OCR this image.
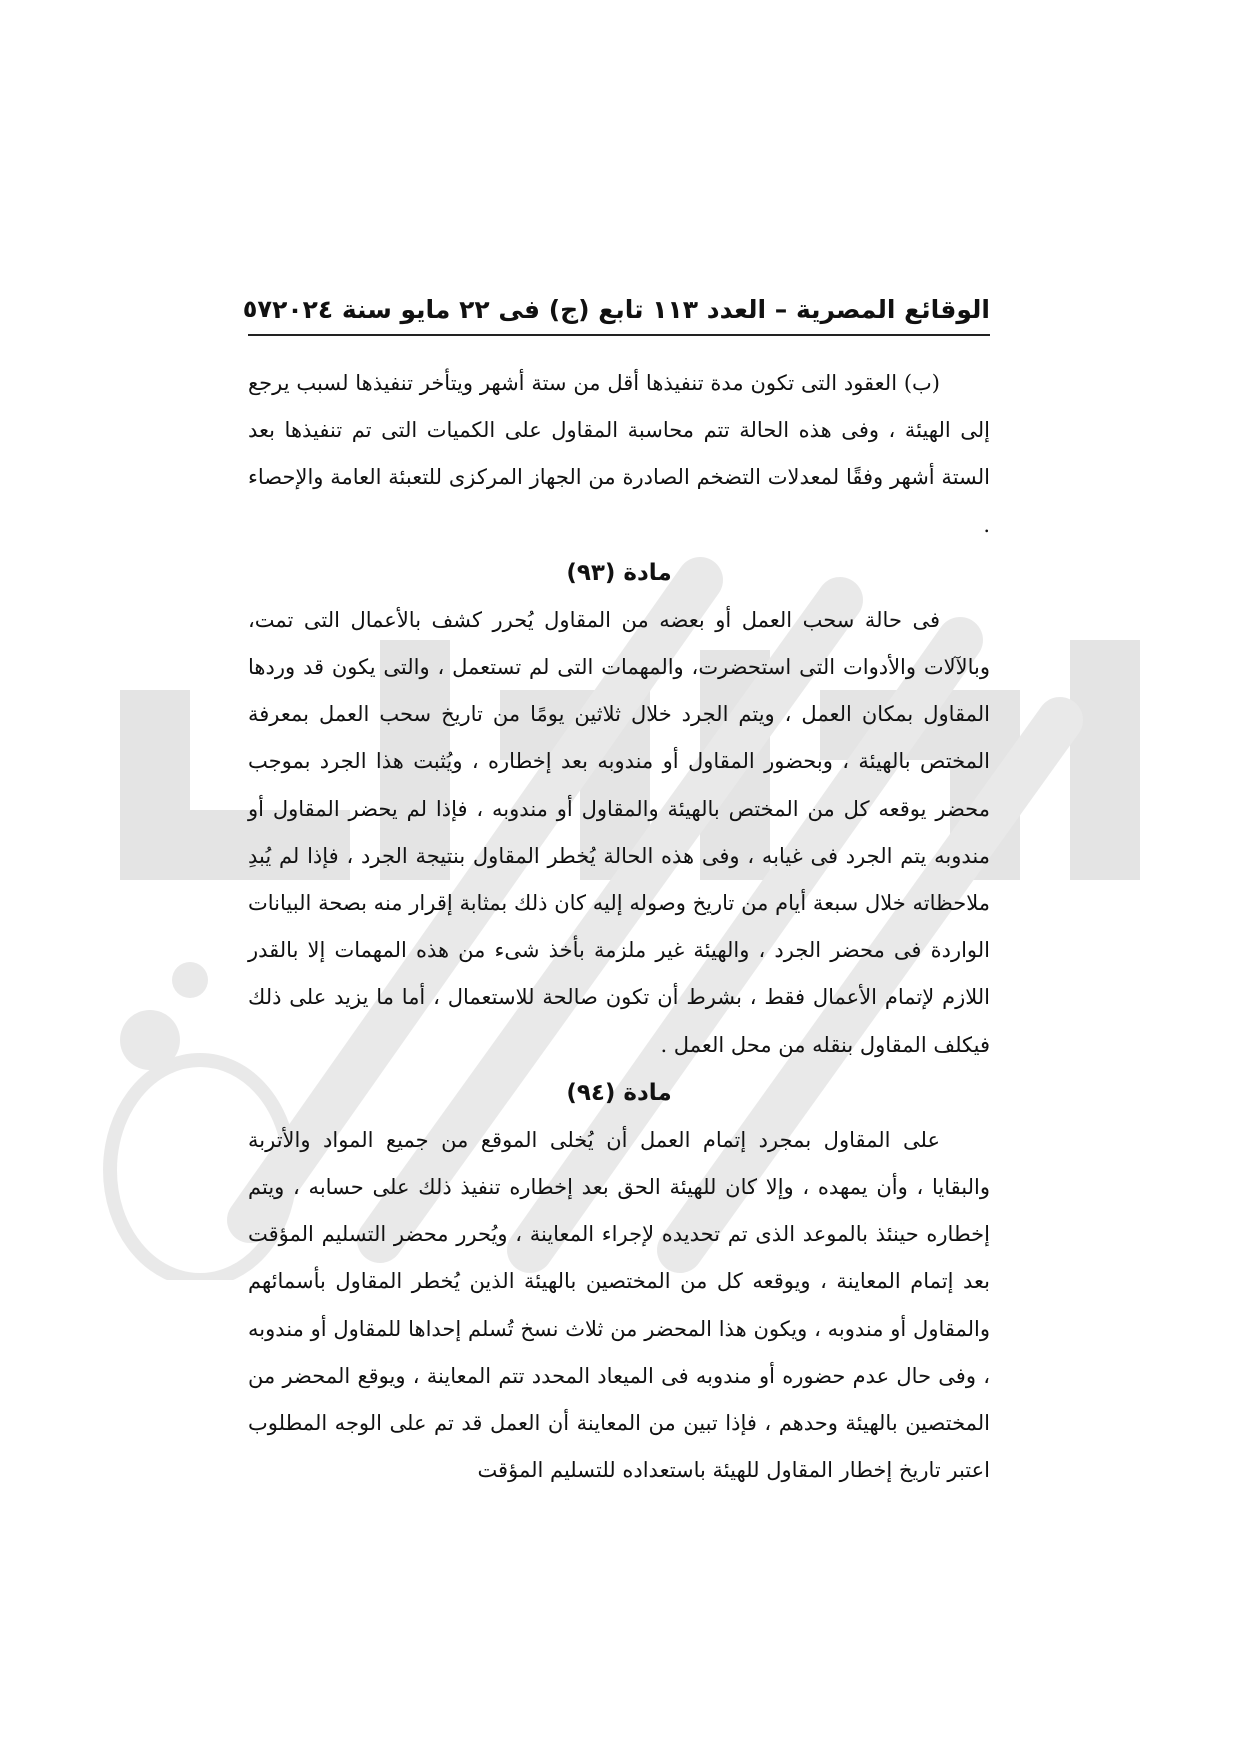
الوقائع المصرية – العدد ١١٣ تابع (ج) فى ٢٢ مايو سنة ٢٠٢٤
٥٧

(ب) العقود التى تكون مدة تنفيذها أقل من ستة أشهر ويتأخر تنفيذها لسبب يرجع إلى الهيئة ، وفى هذه الحالة تتم محاسبة المقاول على الكميات التى تم تنفيذها بعد الستة أشهر وفقًا لمعدلات التضخم الصادرة من الجهاز المركزى للتعبئة العامة والإحصاء .

مادة (٩٣)

فى حالة سحب العمل أو بعضه من المقاول يُحرر كشف بالأعمال التى تمت، وبالآلات والأدوات التى استحضرت، والمهمات التى لم تستعمل ، والتى يكون قد وردها المقاول بمكان العمل ، ويتم الجرد خلال ثلاثين يومًا من تاريخ سحب العمل بمعرفة المختص بالهيئة ، وبحضور المقاول أو مندوبه بعد إخطاره ، ويُثبت هذا الجرد بموجب محضر يوقعه كل من المختص بالهيئة والمقاول أو مندوبه ، فإذا لم يحضر المقاول أو مندوبه يتم الجرد فى غيابه ، وفى هذه الحالة يُخطر المقاول بنتيجة الجرد ، فإذا لم يُبدِ ملاحظاته خلال سبعة أيام من تاريخ وصوله إليه كان ذلك بمثابة إقرار منه بصحة البيانات الواردة فى محضر الجرد ، والهيئة غير ملزمة بأخذ شىء من هذه المهمات إلا بالقدر اللازم لإتمام الأعمال فقط ، بشرط أن تكون صالحة للاستعمال ، أما ما يزيد على ذلك فيكلف المقاول بنقله من محل العمل .

مادة (٩٤)

على المقاول بمجرد إتمام العمل أن يُخلى الموقع من جميع المواد والأتربة والبقايا ، وأن يمهده ، وإلا كان للهيئة الحق بعد إخطاره تنفيذ ذلك على حسابه ، ويتم إخطاره حينئذ بالموعد الذى تم تحديده لإجراء المعاينة ، ويُحرر محضر التسليم المؤقت بعد إتمام المعاينة ، ويوقعه كل من المختصين بالهيئة الذين يُخطر المقاول بأسمائهم والمقاول أو مندوبه ، ويكون هذا المحضر من ثلاث نسخ تُسلم إحداها للمقاول أو مندوبه ، وفى حال عدم حضوره أو مندوبه فى الميعاد المحدد تتم المعاينة ، ويوقع المحضر من المختصين بالهيئة وحدهم ، فإذا تبين من المعاينة أن العمل قد تم على الوجه المطلوب اعتبر تاريخ إخطار المقاول للهيئة باستعداده للتسليم المؤقت
